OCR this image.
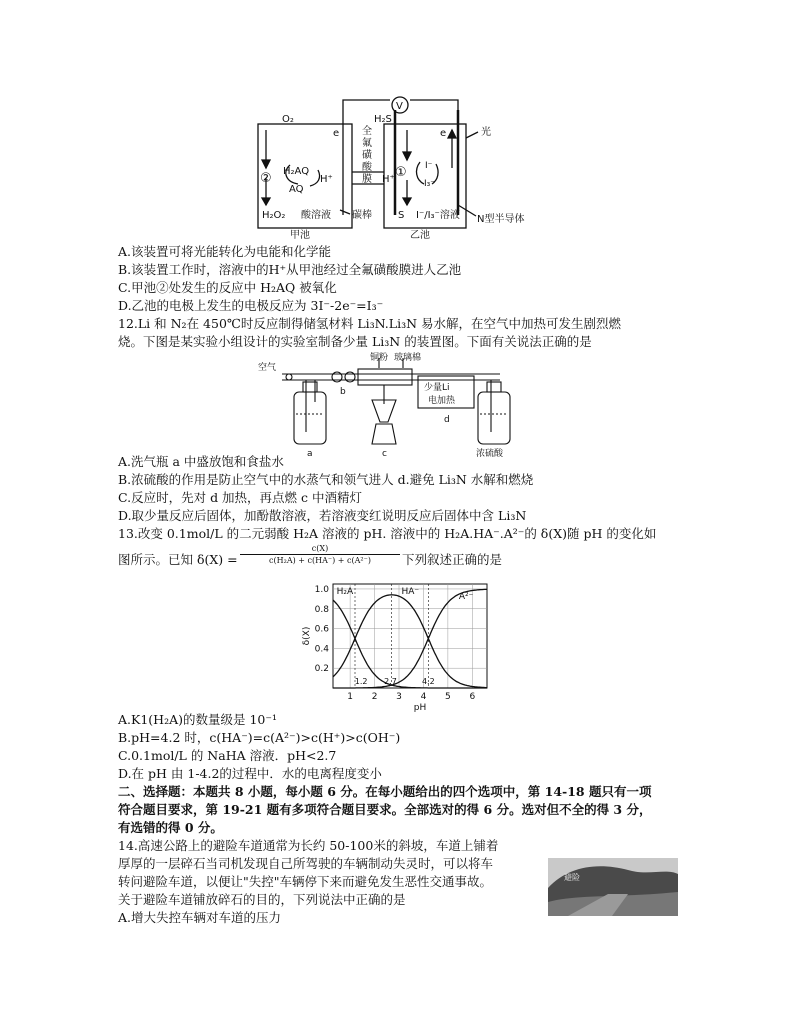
O₂
e
② H₂AQ
AQ
H⁺
H₂O₂ 酸溶液 碳棒
H₂S
V
H⁺ ① I⁻
I₃⁻
S I⁻/I₃⁻溶液
e	光
N型半导体
甲池	乙池
全氟磺酸膜
A.该装置可将光能转化为电能和化学能
B.该装置工作时，溶液中的H⁺从甲池经过全氟磺酸膜进人乙池
C.甲池②处发生的反应中 H₂AQ 被氧化
D.乙池的电极上发生的电极反应为 3I⁻-2e⁻=I₃⁻
12.Li 和 N₂在 450℃时反应制得储氢材料 Li₃N.Li₃N 易水解，在空气中加热可发生剧烈燃
烧。下图是某实验小组设计的实验室制备少量 Li₃N 的装置图。下面有关说法正确的是
空气
铜粉 玻璃棉
少量Li
电加热
a
b
c
d
浓硫酸
A.洗气瓶 a 中盛放饱和食盐水
B.浓硫酸的作用是防止空气中的水蒸气和领气进人 d.避免 Li₃N 水解和燃烧
C.反应时，先对 d 加热，再点燃 c 中酒精灯
D.取少量反应后固体，加酚散溶液，若溶液变红说明反应后固体中含 Li₃N
13.改变 0.1mol/L 的二元弱酸 H₂A 溶液的 pH. 溶液中的 H₂A.HA⁻.A²⁻的 δ(X)随 pH 的变化如
图所示。已知 $\delta(X) = \frac{c(X)}{\text{c(H₂A) + c(HA⁻) + c(A²⁻)}}$ 下列叙述正确的是
0.2
0.4
0.6
0.8
1.0
1 2 3 4 5 6
1.2 2.7	4.2
H₂A	HA⁻	A²⁻
δ(X)
pH
A.K1(H₂A)的数量级是 10⁻¹
B.pH=4.2 时，c(HA⁻)=c(A²⁻)>c(H⁺)>c(OH⁻)
C.0.1mol/L 的 NaHA 溶液．pH<2.7
D.在 pH 由 1-4.2的过程中．水的电离程度变小
二、选择题：本题共 8 小题，每小题 6 分。在每小题给出的四个选项中，第 14-18 题只有一项
符合题目要求，第 19-21 题有多项符合题目要求。全部选对的得 6 分。选对但不全的得 3 分，
有选错的得 0 分。
14.高速公路上的避险车道通常为长约 50-100米的斜坡，车道上铺着
厚厚的一层碎石当司机发现自己所驾驶的车辆制动失灵时，可以将车
转问避险车道，以便让"失控"车辆停下来而避免发生恶性交通事故。
关于避险车道铺放碎石的目的，下列说法中正确的是
A.增大失控车辆对车道的压力
避险
